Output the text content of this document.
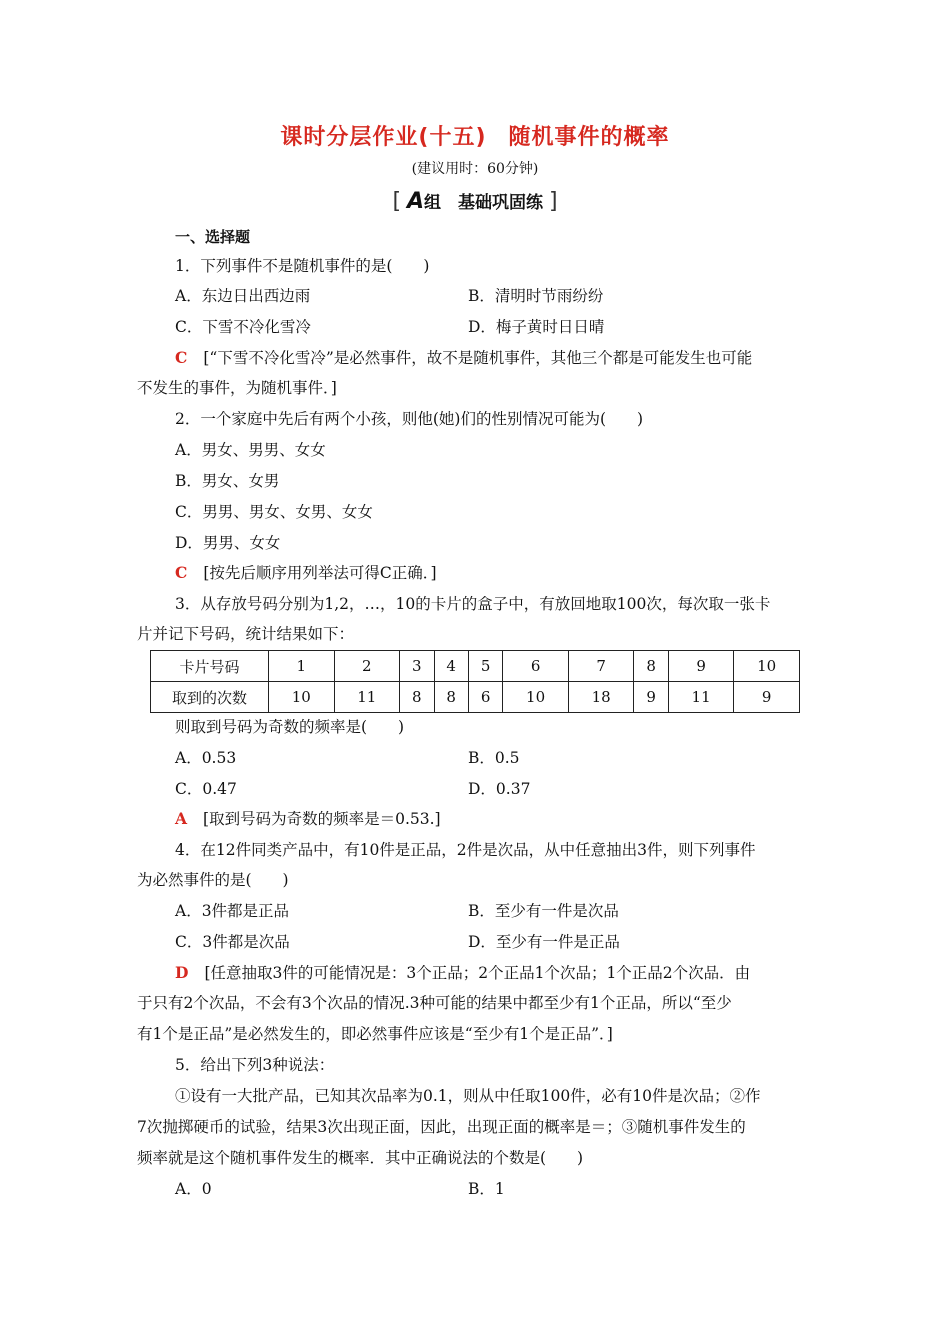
课时分层作业(十五) 随机事件的概率
(建议用时：60分钟)
[ A组　基础巩固练 ]
一、选择题
1．下列事件不是随机事件的是(　　)
A．东边日出西边雨	B．清明时节雨纷纷
C．下雪不冷化雪冷	D．梅子黄时日日晴
C [“下雪不冷化雪冷”是必然事件，故不是随机事件，其他三个都是可能发生也可能
不发生的事件，为随机事件．]
2．一个家庭中先后有两个小孩，则他(她)们的性别情况可能为(　　)
A．男女、男男、女女
B．男女、女男
C．男男、男女、女男、女女
D．男男、女女
C [按先后顺序用列举法可得C正确．]
3．从存放号码分别为1,2，…，10的卡片的盒子中，有放回地取100次，每次取一张卡
片并记下号码，统计结果如下：
卡片号码	1	2	3	4	5	6	7	8	9	10
取到的次数	10	11	8	8	6	10	18	9	11	9
则取到号码为奇数的频率是(　　)
A．0.53	B．0.5
C．0.47	D．0.37
A [取到号码为奇数的频率是＝0.53.]
4．在12件同类产品中，有10件是正品，2件是次品，从中任意抽出3件，则下列事件
为必然事件的是(　　)
A．3件都是正品	B．至少有一件是次品
C．3件都是次品	D．至少有一件是正品
D [任意抽取3件的可能情况是：3个正品；2个正品1个次品；1个正品2个次品．由
于只有2个次品，不会有3个次品的情况.3种可能的结果中都至少有1个正品，所以“至少
有1个是正品”是必然发生的，即必然事件应该是“至少有1个是正品”．]
5．给出下列3种说法：
①设有一大批产品，已知其次品率为0.1，则从中任取100件，必有10件是次品；②作
7次抛掷硬币的试验，结果3次出现正面，因此，出现正面的概率是＝；③随机事件发生的
频率就是这个随机事件发生的概率．其中正确说法的个数是(　　)
A．0	B．1
